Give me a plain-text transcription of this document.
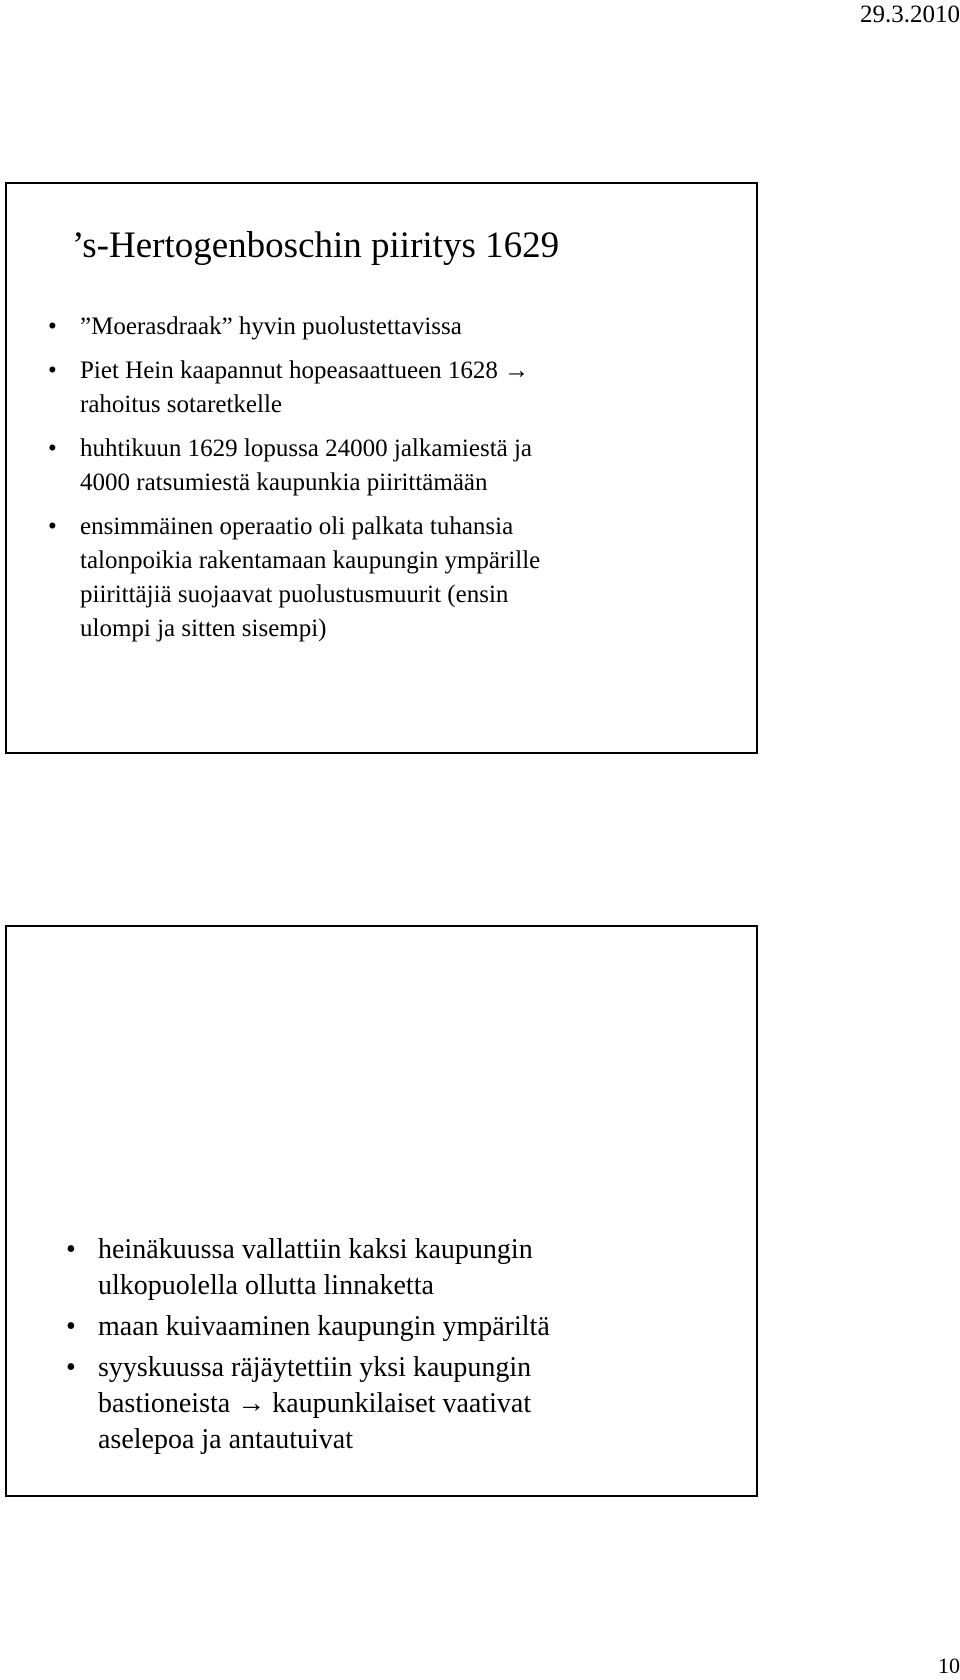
29.3.2010
’s-Hertogenboschin piiritys 1629
• ”Moerasdraak” hyvin puolustettavissa
• Piet Hein kaapannut hopeasaattueen 1628 →
rahoitus sotaretkelle
• huhtikuun 1629 lopussa 24000 jalkamiestä ja
4000 ratsumiestä kaupunkia piirittämään
• ensimmäinen operaatio oli palkata tuhansia
talonpoikia rakentamaan kaupungin ympärille
piirittäjiä suojaavat puolustusmuurit (ensin
ulompi ja sitten sisempi)
• heinäkuussa vallattiin kaksi kaupungin
ulkopuolella ollutta linnaketta
• maan kuivaaminen kaupungin ympäriltä
• syyskuussa räjäytettiin yksi kaupungin
bastioneista → kaupunkilaiset vaativat
aselepoa ja antautuivat
10
